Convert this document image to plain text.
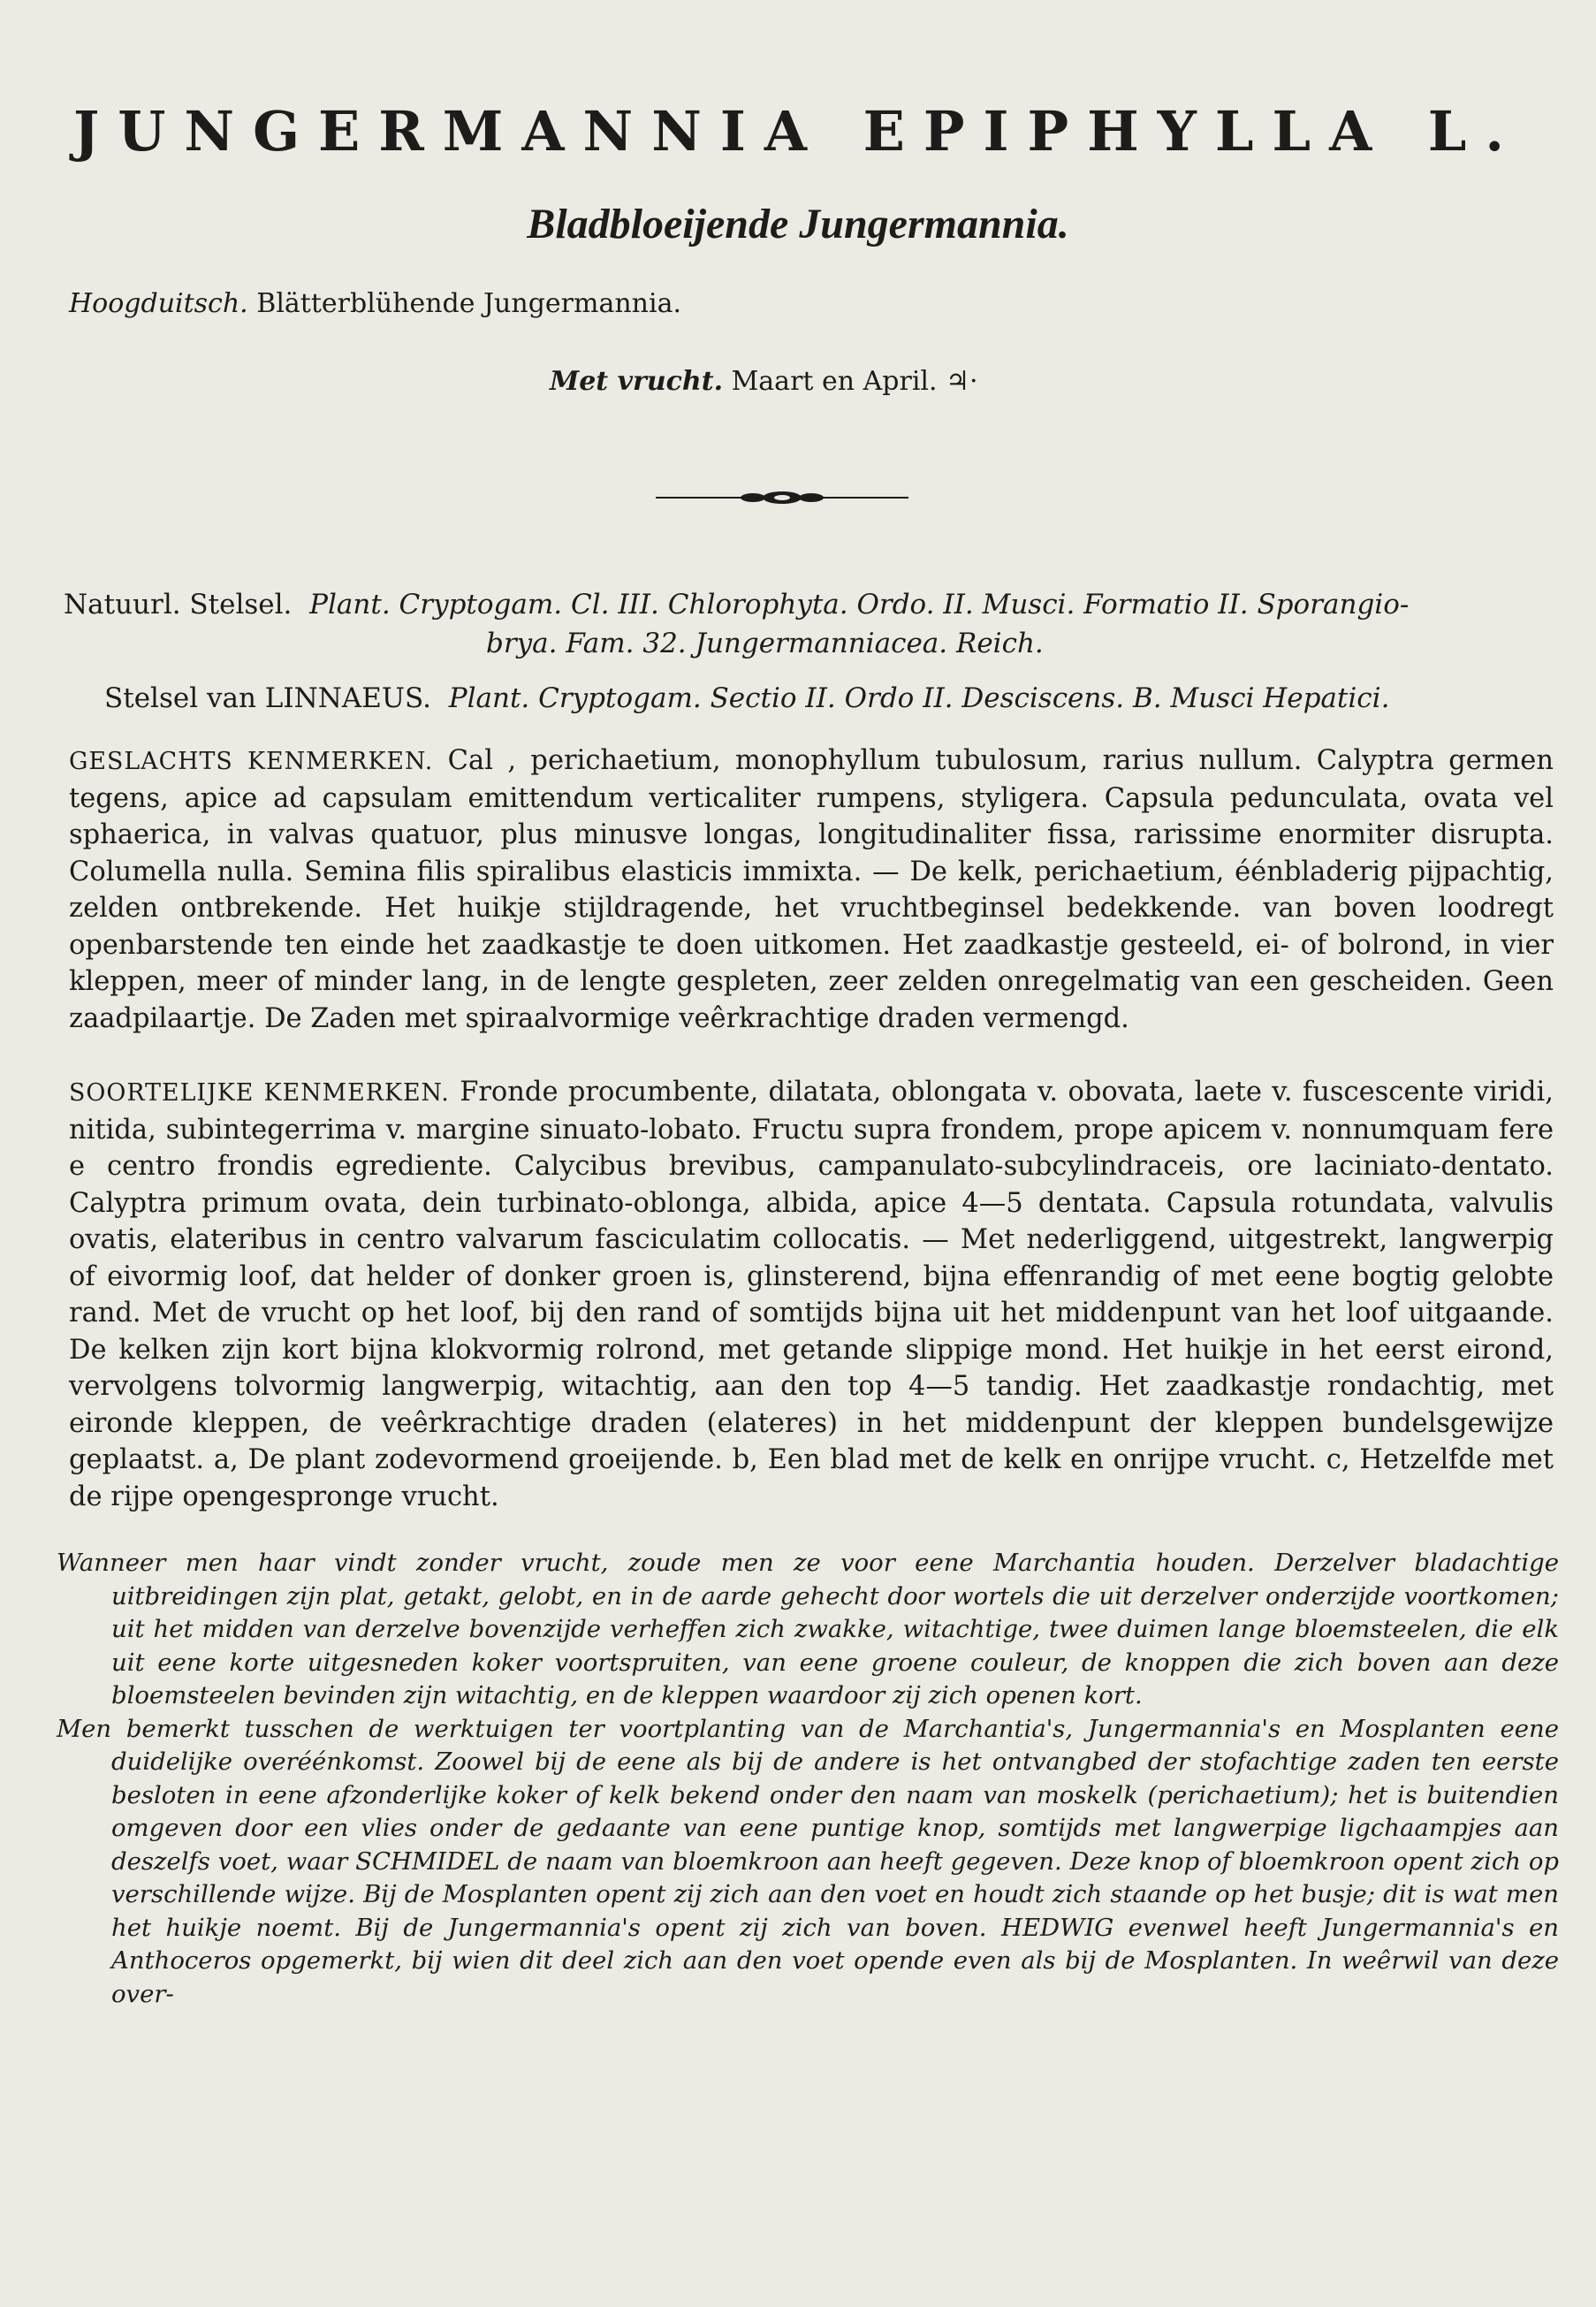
JUNGERMANNIA EPIPHYLLA L.
Bladbloeijende Jungermannia.
Hoogduitsch. Blätterblühende Jungermannia.
Met vrucht. Maart en April. ♃·
Natuurl. Stelsel. Plant. Cryptogam. Cl. III. Chlorophyta. Ordo. II. Musci. Formatio II. Sporangio-
brya. Fam. 32. Jungermanniacea. Reich.
Stelsel van LINNAEUS. Plant. Cryptogam. Sectio II. Ordo II. Desciscens. B. Musci Hepatici.

GESLACHTS KENMERKEN. Cal , perichaetium, monophyllum tubulosum, rarius nullum. Calyptra germen tegens, apice ad capsulam emittendum verticaliter rumpens, styligera. Capsula pedunculata, ovata vel sphaerica, in valvas quatuor, plus minusve longas, longitudinaliter fissa, rarissime enormiter disrupta. Columella nulla. Semina filis spiralibus elasticis immixta. — De kelk, perichaetium, éénbladerig pijpachtig, zelden ontbrekende. Het huikje stijldragende, het vruchtbeginsel bedekkende. van boven loodregt openbarstende ten einde het zaadkastje te doen uitkomen. Het zaadkastje gesteeld, ei- of bolrond, in vier kleppen, meer of minder lang, in de lengte gespleten, zeer zelden onregelmatig van een gescheiden. Geen zaadpilaartje. De Zaden met spiraalvormige veêrkrachtige draden vermengd.

SOORTELIJKE KENMERKEN. Fronde procumbente, dilatata, oblongata v. obovata, laete v. fuscescente viridi, nitida, subintegerrima v. margine sinuato-lobato. Fructu supra frondem, prope apicem v. nonnumquam fere e centro frondis egrediente. Calycibus brevibus, campanulato-subcylindraceis, ore laciniato-dentato. Calyptra primum ovata, dein turbinato-oblonga, albida, apice 4—5 dentata. Capsula rotundata, valvulis ovatis, elateribus in centro valvarum fasciculatim collocatis. — Met nederliggend, uitgestrekt, langwerpig of eivormig loof, dat helder of donker groen is, glinsterend, bijna effenrandig of met eene bogtig gelobte rand. Met de vrucht op het loof, bij den rand of somtijds bijna uit het middenpunt van het loof uitgaande. De kelken zijn kort bijna klokvormig rolrond, met getande slippige mond. Het huikje in het eerst eirond, vervolgens tolvormig langwerpig, witachtig, aan den top 4—5 tandig. Het zaadkastje rondachtig, met eironde kleppen, de veêrkrachtige draden (elateres) in het middenpunt der kleppen bundelsgewijze geplaatst. a, De plant zodevormend groeijende. b, Een blad met de kelk en onrijpe vrucht. c, Hetzelfde met de rijpe opengespronge vrucht.

Wanneer men haar vindt zonder vrucht, zoude men ze voor eene Marchantia houden. Derzelver bladachtige uitbreidingen zijn plat, getakt, gelobt, en in de aarde gehecht door wortels die uit derzelver onderzijde voortkomen; uit het midden van derzelve bovenzijde verheffen zich zwakke, witachtige, twee duimen lange bloemsteelen, die elk uit eene korte uitgesneden koker voortspruiten, van eene groene couleur, de knoppen die zich boven aan deze bloemsteelen bevinden zijn witachtig, en de kleppen waardoor zij zich openen kort.

Men bemerkt tusschen de werktuigen ter voortplanting van de Marchantia's, Jungermannia's en Mosplanten eene duidelijke overéénkomst. Zoowel bij de eene als bij de andere is het ontvangbed der stofachtige zaden ten eerste besloten in eene afzonderlijke koker of kelk bekend onder den naam van moskelk (perichaetium); het is buitendien omgeven door een vlies onder de gedaante van eene puntige knop, somtijds met langwerpige ligchaampjes aan deszelfs voet, waar SCHMIDEL de naam van bloemkroon aan heeft gegeven. Deze knop of bloemkroon opent zich op verschillende wijze. Bij de Mosplanten opent zij zich aan den voet en houdt zich staande op het busje; dit is wat men het huikje noemt. Bij de Jungermannia's opent zij zich van boven. HEDWIG evenwel heeft Jungermannia's en Anthoceros opgemerkt, bij wien dit deel zich aan den voet opende even als bij de Mosplanten. In weêrwil van deze over-
